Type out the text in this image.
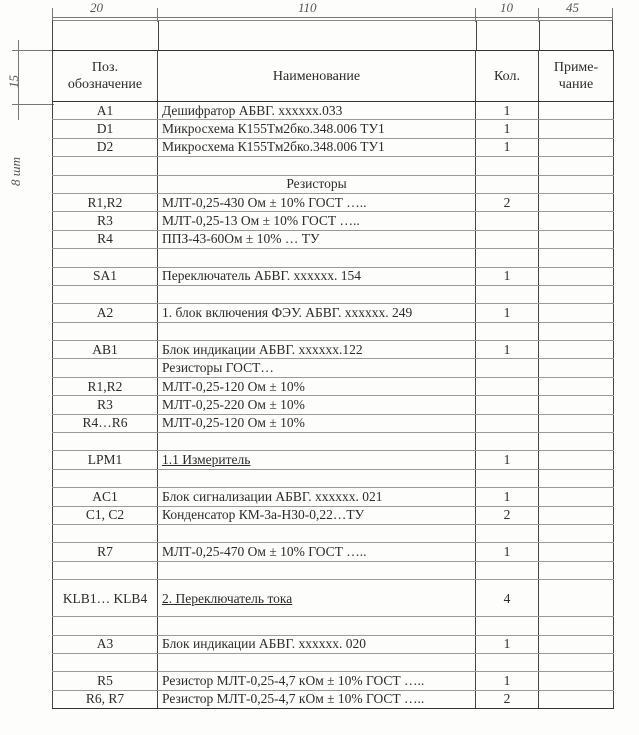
20	110	10	45
15
8 шт
Поз. обозначение	Наименование	Кол.	Приме-чание
A1	Дешифратор АБВГ. xxxxxx.033	1	
D1	Микросхема К155Тм2бко.348.006 ТУ1	1	
D2	Микросхема К155Тм2бко.348.006 ТУ1	1	

	Резисторы		
R1,R2	МЛТ-0,25-430 Ом ± 10% ГОСТ …..	2	
R3	МЛТ-0,25-13 Ом ± 10% ГОСТ …..		
R4	ППЗ-43-60Ом ± 10% … ТУ		

SA1	Переключатель АБВГ. xxxxxx. 154	1	

A2	1. блок включения ФЭУ. АБВГ. xxxxxx. 249	1	

AB1	Блок индикации АБВГ. xxxxxx.122	1	
	Резисторы ГОСТ…		
R1,R2	МЛТ-0,25-120 Ом ± 10%		
R3	МЛТ-0,25-220 Ом ± 10%		
R4…R6	МЛТ-0,25-120 Ом ± 10%		

LPM1	1.1 Измеритель	1	

AC1	Блок сигнализации АБВГ. xxxxxx. 021	1	
C1, C2	Конденсатор КМ-3а-Н30-0,22…ТУ	2	

R7	МЛТ-0,25-470 Ом ± 10% ГОСТ …..	1	

KLB1… KLB4	2. Переключатель тока	4	

A3	Блок индикации АБВГ. xxxxxx. 020	1	

R5	Резистор МЛТ-0,25-4,7 кОм ± 10% ГОСТ …..	1	
R6, R7	Резистор МЛТ-0,25-4,7 кОм ± 10% ГОСТ …..	2	
